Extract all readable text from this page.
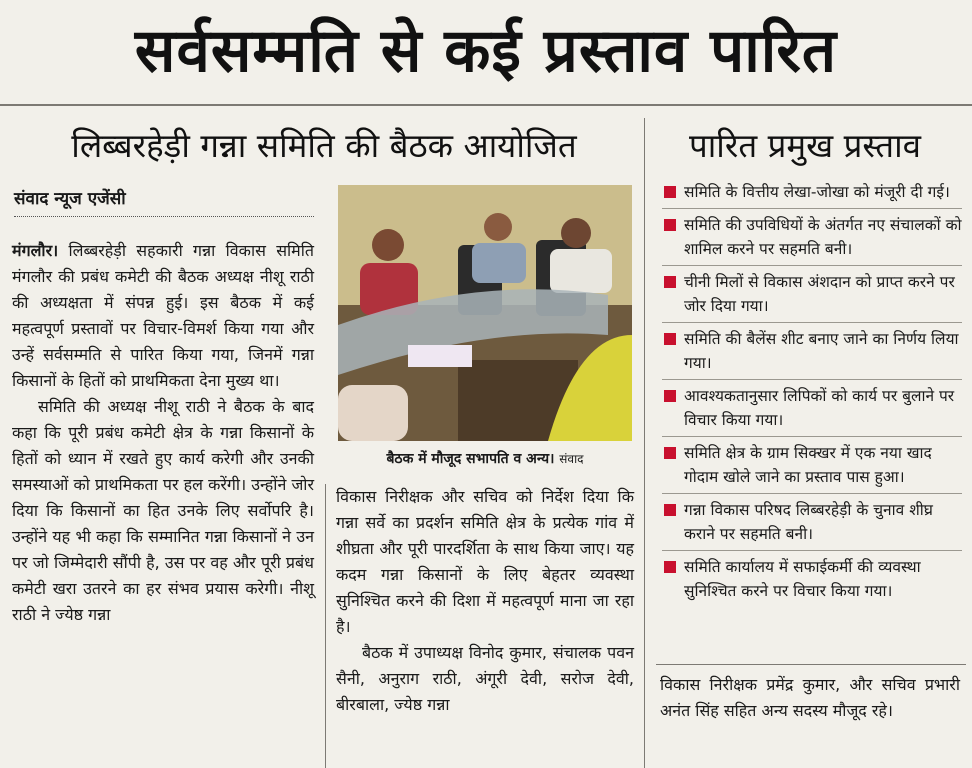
सर्वसम्मति से कई प्रस्ताव पारित
लिब्बरहेड़ी गन्ना समिति की बैठक आयोजित	पारित प्रमुख प्रस्ताव
संवाद न्यूज एजेंसी

मंगलौर। लिब्बरहेड़ी सहकारी गन्ना विकास समिति मंगलौर की प्रबंध कमेटी की बैठक अध्यक्ष नीशू राठी की अध्यक्षता में संपन्न हुई। इस बैठक में कई महत्वपूर्ण प्रस्तावों पर विचार-विमर्श किया गया और उन्हें सर्वसम्मति से पारित किया गया, जिनमें गन्ना किसानों के हितों को प्राथमिकता देना मुख्य था।

समिति की अध्यक्ष नीशू राठी ने बैठक के बाद कहा कि पूरी प्रबंध कमेटी क्षेत्र के गन्ना किसानों के हितों को ध्यान में रखते हुए कार्य करेगी और उनकी समस्याओं को प्राथमिकता पर हल करेंगी। उन्होंने जोर दिया कि किसानों का हित उनके लिए सर्वोपरि है। उन्होंने यह भी कहा कि सम्मानित गन्ना किसानों ने उन पर जो जिम्मेदारी सौंपी है, उस पर वह और पूरी प्रबंध कमेटी खरा उतरने का हर संभव प्रयास करेगी। नीशू राठी ने ज्येष्ठ गन्ना

बैठक में मौजूद सभापति व अन्य। संवाद

विकास निरीक्षक और सचिव को निर्देश दिया कि गन्ना सर्वे का प्रदर्शन समिति क्षेत्र के प्रत्येक गांव में शीघ्रता और पूरी पारदर्शिता के साथ किया जाए। यह कदम गन्ना किसानों के लिए बेहतर व्यवस्था सुनिश्चित करने की दिशा में महत्वपूर्ण माना जा रहा है।

बैठक में उपाध्यक्ष विनोद कुमार, संचालक पवन सैनी, अनुराग राठी, अंगूरी देवी, सरोज देवी, बीरबाला, ज्येष्ठ गन्ना

समिति के वित्तीय लेखा-जोखा को मंजूरी दी गई।
समिति की उपविधियों के अंतर्गत नए संचालकों को शामिल करने पर सहमति बनी।
चीनी मिलों से विकास अंशदान को प्राप्त करने पर जोर दिया गया।
समिति की बैलेंस शीट बनाए जाने का निर्णय लिया गया।
आवश्यकतानुसार लिपिकों को कार्य पर बुलाने पर विचार किया गया।
समिति क्षेत्र के ग्राम सिक्खर में एक नया खाद गोदाम खोले जाने का प्रस्ताव पास हुआ।
गन्ना विकास परिषद लिब्बरहेड़ी के चुनाव शीघ्र कराने पर सहमति बनी।
समिति कार्यालय में सफाईकर्मी की व्यवस्था सुनिश्चित करने पर विचार किया गया।

विकास निरीक्षक प्रमेंद्र कुमार, और सचिव प्रभारी अनंत सिंह सहित अन्य सदस्य मौजूद रहे।
